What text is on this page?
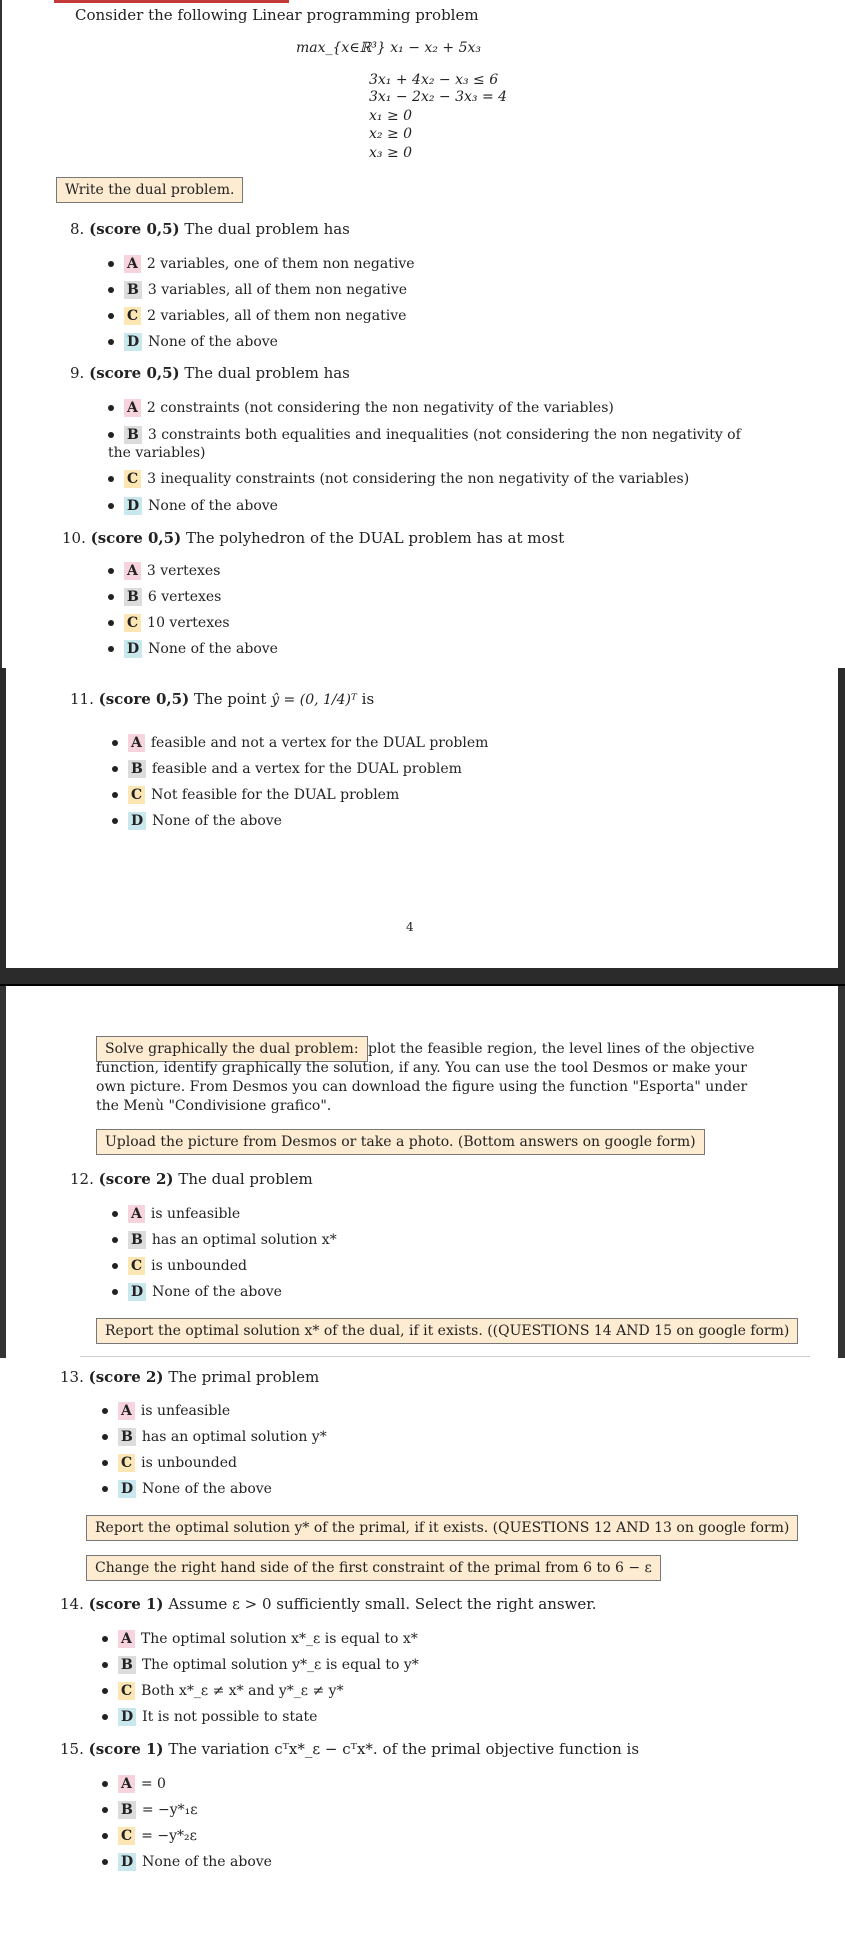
Consider the following Linear programming problem
max_{x∈ℝ³} x₁ − x₂ + 5x₃
3x₁ + 4x₂ − x₃ ≤ 6
3x₁ − 2x₂ − 3x₃ = 4
x₁ ≥ 0
x₂ ≥ 0
x₃ ≥ 0
Write the dual problem.
8. (score 0,5) The dual problem has
A 2 variables, one of them non negative
B 3 variables, all of them non negative
C 2 variables, all of them non negative
D None of the above
9. (score 0,5) The dual problem has
A 2 constraints (not considering the non negativity of the variables)
B 3 constraints both equalities and inequalities (not considering the non negativity of the variables)
C 3 inequality constraints (not considering the non negativity of the variables)
D None of the above
10. (score 0,5) The polyhedron of the DUAL problem has at most
A 3 vertexes
B 6 vertexes
C 10 vertexes
D None of the above
11. (score 0,5) The point ŷ = (0, 1/4)ᵀ is
A feasible and not a vertex for the DUAL problem
B feasible and a vertex for the DUAL problem
C Not feasible for the DUAL problem
D None of the above
4
Solve graphically the dual problem: plot the feasible region, the level lines of the objective function, identify graphically the solution, if any. You can use the tool Desmos or make your own picture. From Desmos you can download the figure using the function "Esporta" under the Menù "Condivisione grafico".
Upload the picture from Desmos or take a photo. (Bottom answers on google form)
12. (score 2) The dual problem
A is unfeasible
B has an optimal solution x*
C is unbounded
D None of the above
Report the optimal solution x* of the dual, if it exists. ((QUESTIONS 14 AND 15 on google form)
13. (score 2) The primal problem
A is unfeasible
B has an optimal solution y*
C is unbounded
D None of the above
Report the optimal solution y* of the primal, if it exists. (QUESTIONS 12 AND 13 on google form)
Change the right hand side of the first constraint of the primal from 6 to 6 − ε
14. (score 1) Assume ε > 0 sufficiently small. Select the right answer.
A The optimal solution x*_ε is equal to x*
B The optimal solution y*_ε is equal to y*
C Both x*_ε ≠ x* and y*_ε ≠ y*
D It is not possible to state
15. (score 1) The variation cᵀx*_ε − cᵀx*. of the primal objective function is
A = 0
B = −y*₁ε
C = −y*₂ε
D None of the above
